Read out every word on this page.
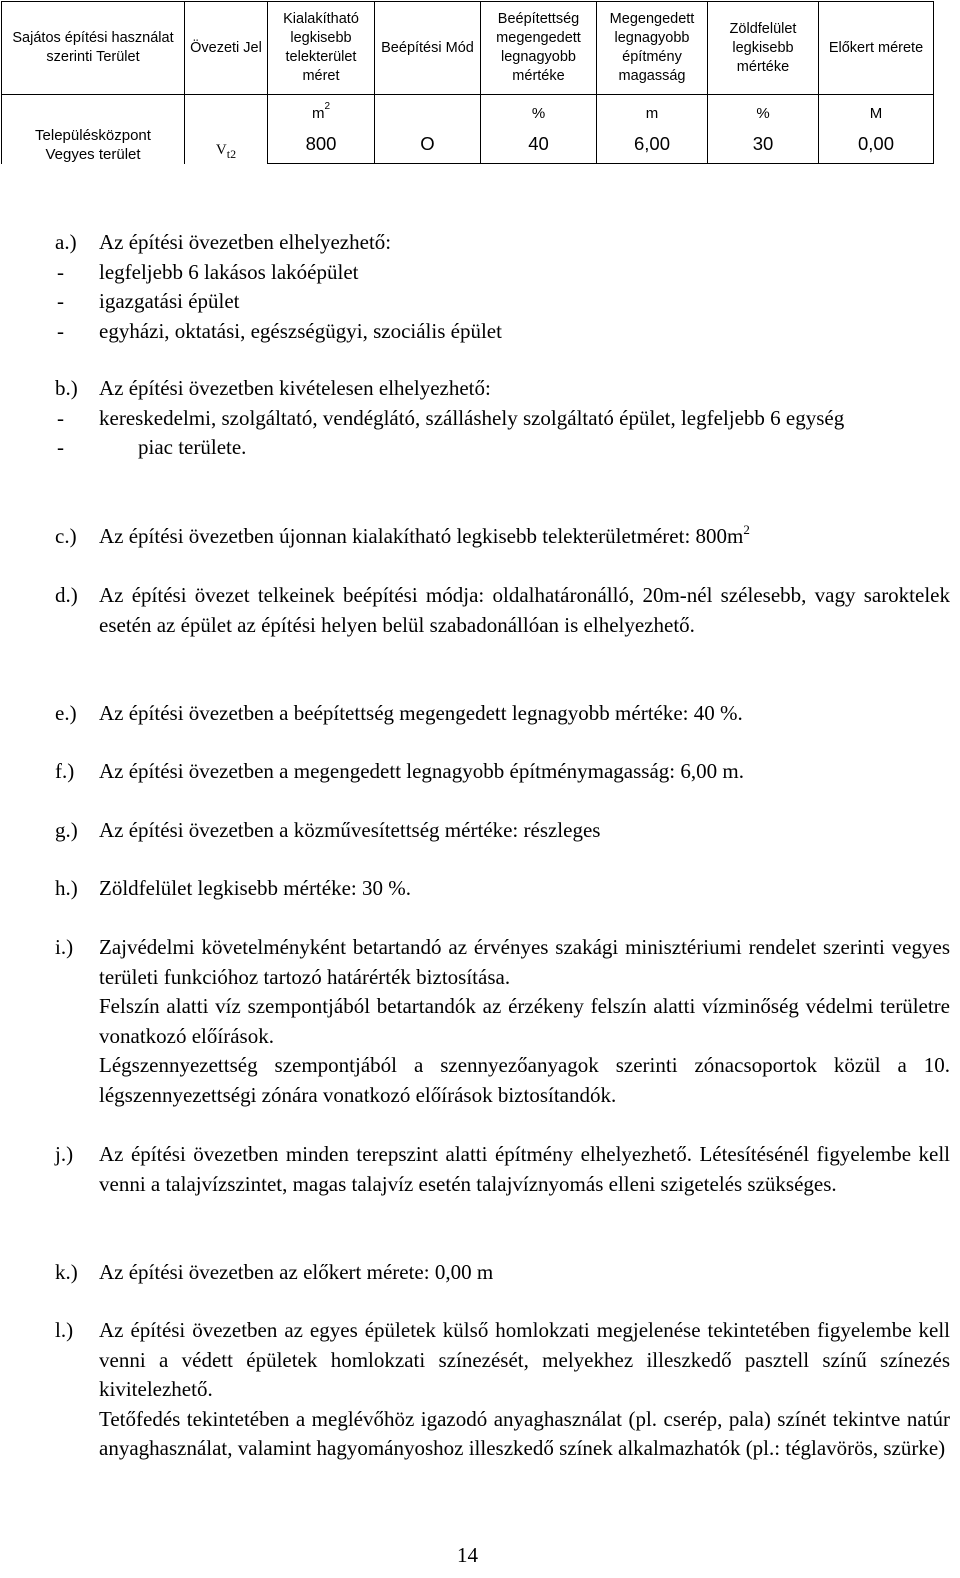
Sajátos építési használat szerinti Terület	Övezeti Jel	Kialakítható legkisebb telekterület méret	Beépítési Mód	Beépítettség megengedett legnagyobb mértéke	Megengedett legnagyobb építmény magasság	Zöldfelület legkisebb mértéke	Előkert mérete

Településközpont
Vegyes terület	$V_{t2}$	$m^2$		%	m	%	M
		800	O	40	6,00	30	0,00
a.) Az építési övezetben elhelyezhető:

- legfeljebb 6 lakásos lakóépület

- igazgatási épület

- egyházi, oktatási, egészségügyi, szociális épület

b.) Az építési övezetben kivételesen elhelyezhető:

- kereskedelmi, szolgáltató, vendéglátó, szálláshely szolgáltató épület, legfeljebb 6 egység

-	piac területe.

c.) Az építési övezetben újonnan kialakítható legkisebb telekterületméret: $800m^2$

d.) Az építési övezet telkeinek beépítési módja: oldalhatáronálló, 20m-nél szélesebb, vagy saroktelek esetén az épület az építési helyen belül szabadonállóan is elhelyezhető.

e.) Az építési övezetben a beépítettség megengedett legnagyobb mértéke: 40 %.

f.) Az építési övezetben a megengedett legnagyobb építménymagasság: 6,00 m.

g.) Az építési övezetben a közművesítettség mértéke: részleges

h.) Zöldfelület legkisebb mértéke: 30 %.

i.) Zajvédelmi követelményként betartandó az érvényes szakági minisztériumi rendelet szerinti vegyes területi funkcióhoz tartozó határérték biztosítása.

Felszín alatti víz szempontjából betartandók az érzékeny felszín alatti vízminőség védelmi területre vonatkozó előírások.

Légszennyezettség szempontjából a szennyezőanyagok szerinti zónacsoportok közül a 10. légszennyezettségi zónára vonatkozó előírások biztosítandók.

j.) Az építési övezetben minden terepszint alatti építmény elhelyezhető. Létesítésénél figyelembe kell venni a talajvízszintet, magas talajvíz esetén talajvíznyomás elleni szigetelés szükséges.

k.) Az építési övezetben az előkert mérete: 0,00 m

l.) Az építési övezetben az egyes épületek külső homlokzati megjelenése tekintetében figyelembe kell venni a védett épületek homlokzati színezését, melyekhez illeszkedő pasztell színű színezés kivitelezhető.

Tetőfedés tekintetében a meglévőhöz igazodó anyaghasználat (pl. cserép, pala) színét tekintve natúr anyaghasználat, valamint hagyományoshoz illeszkedő színek alkalmazhatók (pl.: téglavörös, szürke)

14
